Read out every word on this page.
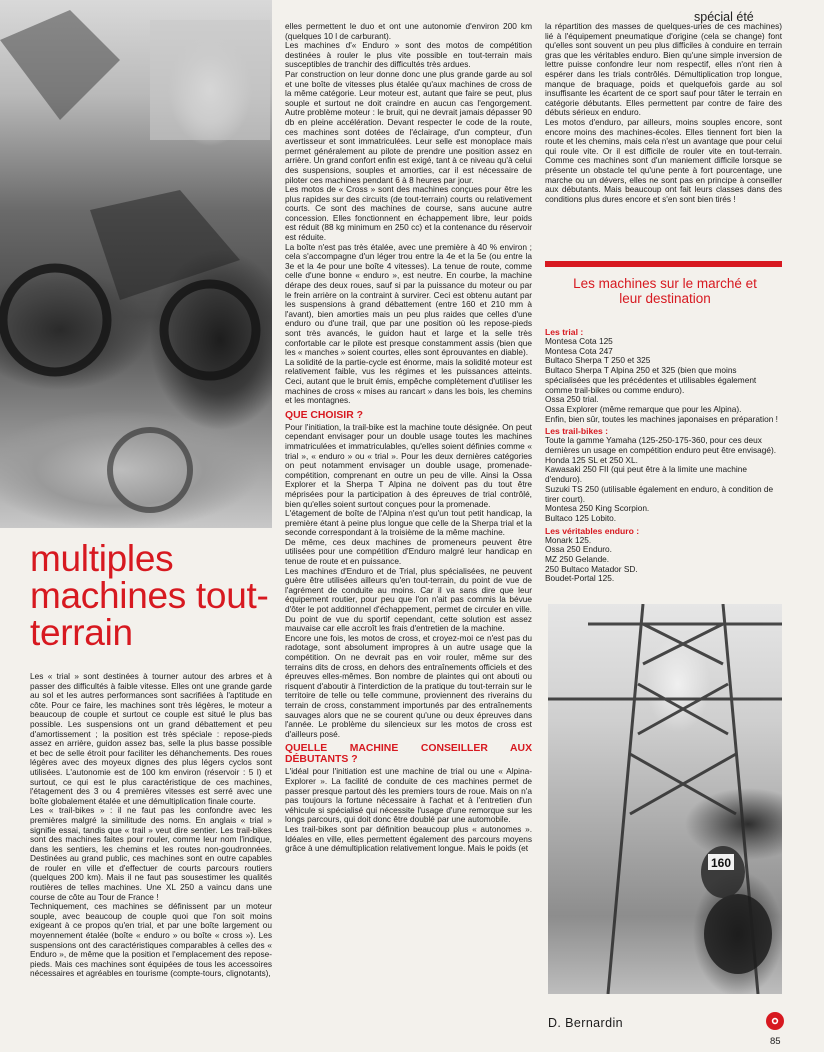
spécial été
multiples machines tout-terrain

Les « trial » sont destinées à tourner autour des arbres et à passer des difficultés à faible vitesse. Elles ont une grande garde au sol et les autres performances sont sacrifiées à l'aptitude en côte. Pour ce faire, les machines sont très légères, le moteur a beaucoup de couple et surtout ce couple est situé le plus bas possible. Les suspensions ont un grand débattement et peu d'amortissement ; la position est très spéciale : repose-pieds assez en arrière, guidon assez bas, selle la plus basse possible et bec de selle étroit pour faciliter les déhanchements. Des roues légères avec des moyeux dignes des plus légers cyclos sont utilisées. L'autonomie est de 100 km environ (réservoir : 5 l) et surtout, ce qui est le plus caractéristique de ces machines, l'étagement des 3 ou 4 premières vitesses est serré avec une boîte globalement étalée et une démultiplication finale courte.

Les « trail-bikes » : il ne faut pas les confondre avec les premières malgré la similitude des noms. En anglais « trial » signifie essai, tandis que « trail » veut dire sentier. Les trail-bikes sont des machines faites pour rouler, comme leur nom l'indique, dans les sentiers, les chemins et les routes non-goudronnées. Destinées au grand public, ces machines sont en outre capables de rouler en ville et d'effectuer de courts parcours routiers (quelques 200 km). Mais il ne faut pas sousestimer les qualités routières de telles machines. Une XL 250 a vaincu dans une course de côte au Tour de France !

Techniquement, ces machines se définissent par un moteur souple, avec beaucoup de couple quoi que l'on soit moins exigeant à ce propos qu'en trial, et par une boîte largement ou moyennement étalée (boîte « enduro » ou boîte « cross »). Les suspensions ont des caractéristiques comparables à celles des « Enduro », de même que la position et l'emplacement des repose-pieds. Mais ces machines sont équipées de tous les accessoires nécessaires et agréables en tourisme (compte-tours, clignotants),

elles permettent le duo et ont une autonomie d'environ 200 km (quelques 10 l de carburant).

Les machines d'« Enduro » sont des motos de compétition destinées à rouler le plus vite possible en tout-terrain mais susceptibles de tranchir des difficultés très ardues.

Par construction on leur donne donc une plus grande garde au sol et une boîte de vitesses plus étalée qu'aux machines de cross de la même catégorie. Leur moteur est, autant que faire se peut, plus souple et surtout ne doit craindre en aucun cas l'engorgement. Autre problème moteur : le bruit, qui ne devrait jamais dépasser 90 db en pleine accélération. Devant respecter le code de la route, ces machines sont dotées de l'éclairage, d'un compteur, d'un avertisseur et sont immatriculées. Leur selle est monoplace mais permet généralement au pilote de prendre une position assez en arrière. Un grand confort enfin est exigé, tant à ce niveau qu'à celui des suspensions, souples et amorties, car il est nécessaire de piloter ces machines pendant 6 à 8 heures par jour.

Les motos de « Cross » sont des machines conçues pour être les plus rapides sur des circuits (de tout-terrain) courts ou relativement courts. Ce sont des machines de course, sans aucune autre concession. Elles fonctionnent en échappement libre, leur poids est réduit (88 kg minimum en 250 cc) et la contenance du réservoir est réduite.

La boîte n'est pas très étalée, avec une première à 40 % environ ; cela s'accompagne d'un léger trou entre la 4e et la 5e (ou entre la 3e et la 4e pour une boîte 4 vitesses). La tenue de route, comme celle d'une bonne « enduro », est neutre. En courbe, la machine dérape des deux roues, sauf si par la puissance du moteur ou par le frein arrière on la contraint à survirer. Ceci est obtenu autant par les suspensions à grand débattement (entre 160 et 210 mm à l'avant), bien amorties mais un peu plus raides que celles d'une enduro ou d'une trail, que par une position où les repose-pieds sont très avancés, le guidon haut et large et la selle très confortable car le pilote est presque constamment assis (bien que les « manches » soient courtes, elles sont éprouvantes en diable).

La solidité de la partie-cycle est énorme, mais la solidité moteur est relativement faible, vus les régimes et les puissances atteints. Ceci, autant que le bruit émis, empêche complètement d'utiliser les machines de cross « mises au rancart » dans les bois, les chemins et les montagnes.

QUE CHOISIR ?

Pour l'initiation, la trail-bike est la machine toute désignée. On peut cependant envisager pour un double usage toutes les machines immatriculées et immatriculables, qu'elles soient définies comme « trial », « enduro » ou « trial ». Pour les deux dernières catégories on peut notamment envisager un double usage, promenade-compétition, comprenant en outre un peu de ville. Ainsi la Ossa Explorer et la Sherpa T Alpina ne doivent pas du tout être méprisées pour la participation à des épreuves de trial contrôlé, bien qu'elles soient surtout conçues pour la promenade.

L'étagement de boîte de l'Alpina n'est qu'un tout petit handicap, la première étant à peine plus longue que celle de la Sherpa trial et la seconde correspondant à la troisième de la même machine.

De même, ces deux machines de promeneurs peuvent être utilisées pour une compétition d'Enduro malgré leur handicap en tenue de route et en puissance.

Les machines d'Enduro et de Trial, plus spécialisées, ne peuvent guère être utilisées ailleurs qu'en tout-terrain, du point de vue de l'agrément de conduite au moins. Car il va sans dire que leur équipement routier, pour peu que l'on n'ait pas commis la bévue d'ôter le pot additionnel d'échappement, permet de circuler en ville. Du point de vue du sportif cependant, cette solution est assez mauvaise car elle accroît les frais d'entretien de la machine.

Encore une fois, les motos de cross, et croyez-moi ce n'est pas du radotage, sont absolument impropres à un autre usage que la compétition. On ne devrait pas en voir rouler, même sur des terrains dits de cross, en dehors des entraînements officiels et des épreuves elles-mêmes. Bon nombre de plaintes qui ont abouti ou risquent d'aboutir à l'interdiction de la pratique du tout-terrain sur le territoire de telle ou telle commune, proviennent des riverains du terrain de cross, constamment importunés par des entraînements sauvages alors que ne se courent qu'une ou deux épreuves dans l'année. Le problème du silencieux sur les motos de cross est d'ailleurs posé.

QUELLE MACHINE CONSEILLER AUX DÉBUTANTS ?

L'idéal pour l'initiation est une machine de trial ou une « Alpina-Explorer ». La facilité de conduite de ces machines permet de passer presque partout dès les premiers tours de roue. Mais on n'a pas toujours la fortune nécessaire à l'achat et à l'entretien d'un véhicule si spécialisé qui nécessite l'usage d'une remorque sur les longs parcours, qui doit donc être doublé par une automobile.

Les trail-bikes sont par définition beaucoup plus « autonomes ». Idéales en ville, elles permettent également des parcours moyens grâce à une démultiplication relativement longue. Mais le poids (et

la répartition des masses de quelques-unes de ces machines) lié à l'équipement pneumatique d'origine (cela se change) font qu'elles sont souvent un peu plus difficiles à conduire en terrain gras que les véritables enduro. Bien qu'une simple inversion de lettre puisse confondre leur nom respectif, elles n'ont rien à espérer dans les trials contrôlés. Démultiplication trop longue, manque de braquage, poids et quelquefois garde au sol insuffisante les écartent de ce sport sauf pour tâter le terrain en catégorie débutants. Elles permettent par contre de faire des débuts sérieux en enduro.

Les motos d'enduro, par ailleurs, moins souples encore, sont encore moins des machines-écoles. Elles tiennent fort bien la route et les chemins, mais cela n'est un avantage que pour celui qui roule vite. Or il est difficile de rouler vite en tout-terrain. Comme ces machines sont d'un maniement difficile lorsque se présente un obstacle tel qu'une pente à fort pourcentage, une marche ou un dévers, elles ne sont pas en principe à conseiller aux débutants. Mais beaucoup ont fait leurs classes dans des conditions plus dures encore et s'en sont bien tirés !

Les machines sur le marché et leur destination
Les trial :
Montesa Cota 125
Montesa Cota 247
Bultaco Sherpa T 250 et 325
Bultaco Sherpa T Alpina 250 et 325 (bien que moins spécialisées que les précédentes et utilisables également comme trail-bikes ou comme enduro).
Ossa 250 trial.
Ossa Explorer (même remarque que pour les Alpina).
Enfin, bien sûr, toutes les machines japonaises en préparation !
Les trail-bikes :
Toute la gamme Yamaha (125-250-175-360, pour ces deux dernières un usage en compétition enduro peut être envisagé).
Honda 125 SL et 250 XL.
Kawasaki 250 FII (qui peut être à la limite une machine d'enduro).
Suzuki TS 250 (utilisable également en enduro, à condition de tirer court).
Montesa 250 King Scorpion.
Bultaco 125 Lobito.
Les véritables enduro :
Monark 125.
Ossa 250 Enduro.
MZ 250 Gelande.
250 Bultaco Matador SD.
Boudet-Portal 125.
160
D. Bernardin
85
